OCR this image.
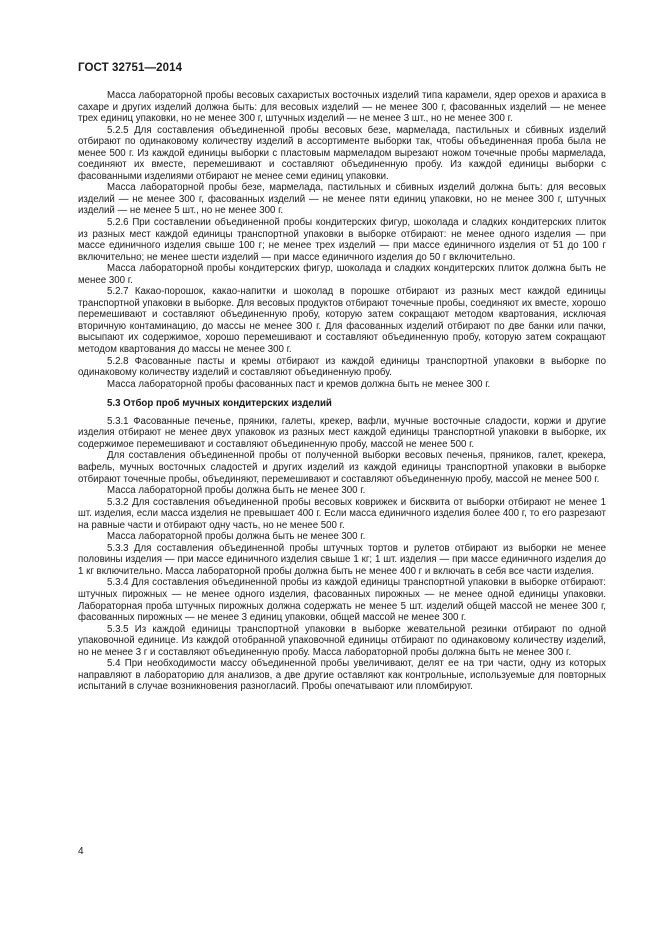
ГОСТ 32751—2014

Масса лабораторной пробы весовых сахаристых восточных изделий типа карамели, ядер орехов и арахиса в сахаре и других изделий должна быть: для весовых изделий — не менее 300 г, фасованных изделий — не менее трех единиц упаковки, но не менее 300 г, штучных изделий — не менее 3 шт., но не менее 300 г.

5.2.5 Для составления объединенной пробы весовых безе, мармелада, пастильных и сбивных изделий отбирают по одинаковому количеству изделий в ассортименте выборки так, чтобы объединенная проба была не менее 500 г. Из каждой единицы выборки с пластовым мармеладом вырезают ножом точечные пробы мармелада, соединяют их вместе, перемешивают и составляют объединенную пробу. Из каждой единицы выборки с фасованными изделиями отбирают не менее семи единиц упаковки.

Масса лабораторной пробы безе, мармелада, пастильных и сбивных изделий должна быть: для весовых изделий — не менее 300 г, фасованных изделий — не менее пяти единиц упаковки, но не менее 300 г, штучных изделий — не менее 5 шт., но не менее 300 г.

5.2.6 При составлении объединенной пробы кондитерских фигур, шоколада и сладких кондитерских плиток из разных мест каждой единицы транспортной упаковки в выборке отбирают: не менее одного изделия — при массе единичного изделия свыше 100 г; не менее трех изделий — при массе единичного изделия от 51 до 100 г включительно; не менее шести изделий — при массе единичного изделия до 50 г включительно.

Масса лабораторной пробы кондитерских фигур, шоколада и сладких кондитерских плиток должна быть не менее 300 г.

5.2.7 Какао-порошок, какао-напитки и шоколад в порошке отбирают из разных мест каждой единицы транспортной упаковки в выборке. Для весовых продуктов отбирают точечные пробы, соединяют их вместе, хорошо перемешивают и составляют объединенную пробу, которую затем сокращают методом квартования, исключая вторичную контаминацию, до массы не менее 300 г. Для фасованных изделий отбирают по две банки или пачки, высыпают их содержимое, хорошо перемешивают и составляют объединенную пробу, которую затем сокращают методом квартования до массы не менее 300 г.

5.2.8 Фасованные пасты и кремы отбирают из каждой единицы транспортной упаковки в выборке по одинаковому количеству изделий и составляют объединенную пробу.

Масса лабораторной пробы фасованных паст и кремов должна быть не менее 300 г.

5.3 Отбор проб мучных кондитерских изделий

5.3.1 Фасованные печенье, пряники, галеты, крекер, вафли, мучные восточные сладости, коржи и другие изделия отбирают не менее двух упаковок из разных мест каждой единицы транспортной упаковки в выборке, их содержимое перемешивают и составляют объединенную пробу, массой не менее 500 г.

Для составления объединенной пробы от полученной выборки весовых печенья, пряников, галет, крекера, вафель, мучных восточных сладостей и других изделий из каждой единицы транспортной упаковки в выборке отбирают точечные пробы, объединяют, перемешивают и составляют объединенную пробу, массой не менее 500 г.

Масса лабораторной пробы должна быть не менее 300 г.

5.3.2 Для составления объединенной пробы весовых коврижек и бисквита от выборки отбирают не менее 1 шт. изделия, если масса изделия не превышает 400 г. Если масса единичного изделия более 400 г, то его разрезают на равные части и отбирают одну часть, но не менее 500 г.

Масса лабораторной пробы должна быть не менее 300 г.

5.3.3 Для составления объединенной пробы штучных тортов и рулетов отбирают из выборки не менее половины изделия — при массе единичного изделия свыше 1 кг; 1 шт. изделия — при массе единичного изделия до 1 кг включительно. Масса лабораторной пробы должна быть не менее 400 г и включать в себя все части изделия.

5.3.4 Для составления объединенной пробы из каждой единицы транспортной упаковки в выборке отбирают: штучных пирожных — не менее одного изделия, фасованных пирожных — не менее одной единицы упаковки. Лабораторная проба штучных пирожных должна содержать не менее 5 шт. изделий общей массой не менее 300 г, фасованных пирожных — не менее 3 единиц упаковки, общей массой не менее 300 г.

5.3.5 Из каждой единицы транспортной упаковки в выборке жевательной резинки отбирают по одной упаковочной единице. Из каждой отобранной упаковочной единицы отбирают по одинаковому количеству изделий, но не менее 3 г и составляют объединенную пробу. Масса лабораторной пробы должна быть не менее 300 г.

5.4 При необходимости массу объединенной пробы увеличивают, делят ее на три части, одну из которых направляют в лабораторию для анализов, а две другие оставляют как контрольные, используемые для повторных испытаний в случае возникновения разногласий. Пробы опечатывают или пломбируют.

4
